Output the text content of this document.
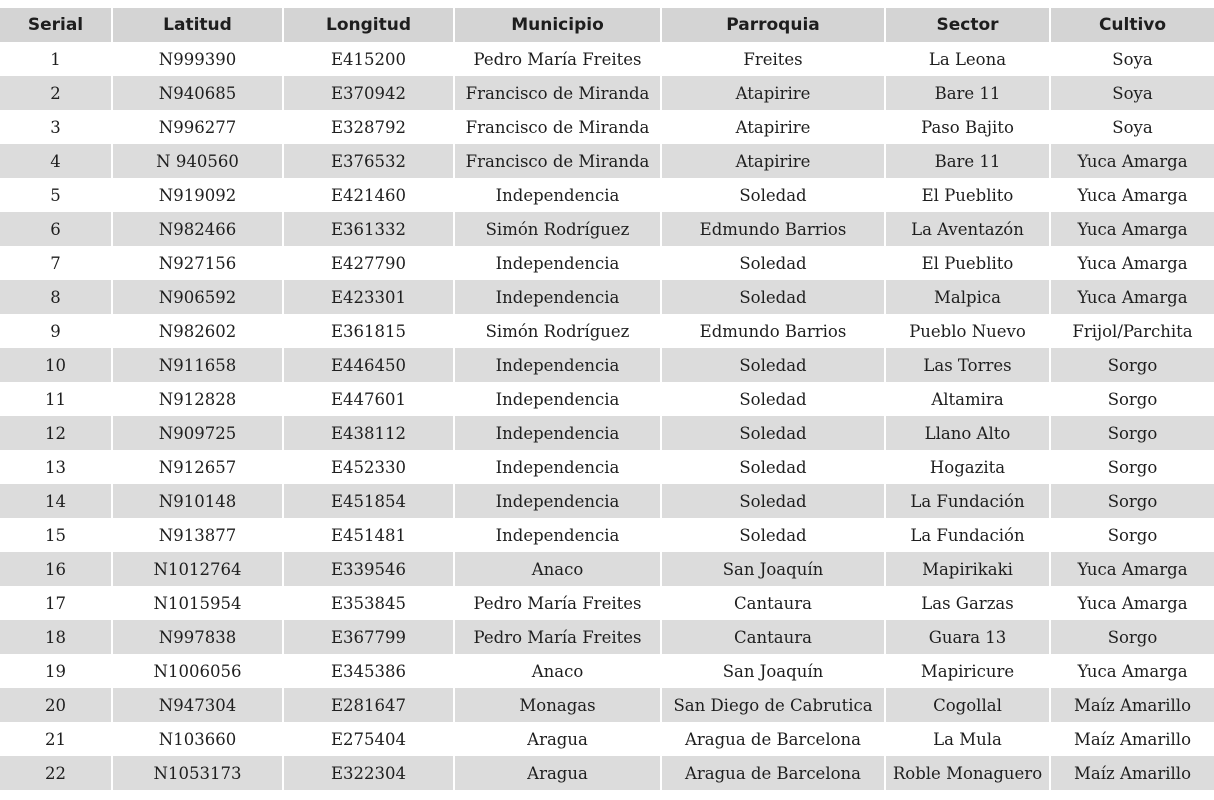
Serial	Latitud	Longitud	Municipio	Parroquia	Sector	Cultivo
1	N999390	E415200	Pedro María Freites	Freites	La Leona	Soya
2	N940685	E370942	Francisco de Miranda	Atapirire	Bare 11	Soya
3	N996277	E328792	Francisco de Miranda	Atapirire	Paso Bajito	Soya
4	N 940560	E376532	Francisco de Miranda	Atapirire	Bare 11	Yuca Amarga
5	N919092	E421460	Independencia	Soledad	El Pueblito	Yuca Amarga
6	N982466	E361332	Simón Rodríguez	Edmundo Barrios	La Aventazón	Yuca Amarga
7	N927156	E427790	Independencia	Soledad	El Pueblito	Yuca Amarga
8	N906592	E423301	Independencia	Soledad	Malpica	Yuca Amarga
9	N982602	E361815	Simón Rodríguez	Edmundo Barrios	Pueblo Nuevo	Frijol/Parchita
10	N911658	E446450	Independencia	Soledad	Las Torres	Sorgo
11	N912828	E447601	Independencia	Soledad	Altamira	Sorgo
12	N909725	E438112	Independencia	Soledad	Llano Alto	Sorgo
13	N912657	E452330	Independencia	Soledad	Hogazita	Sorgo
14	N910148	E451854	Independencia	Soledad	La Fundación	Sorgo
15	N913877	E451481	Independencia	Soledad	La Fundación	Sorgo
16	N1012764	E339546	Anaco	San Joaquín	Mapirikaki	Yuca Amarga
17	N1015954	E353845	Pedro María Freites	Cantaura	Las Garzas	Yuca Amarga
18	N997838	E367799	Pedro María Freites	Cantaura	Guara 13	Sorgo
19	N1006056	E345386	Anaco	San Joaquín	Mapiricure	Yuca Amarga
20	N947304	E281647	Monagas	San Diego de Cabrutica	Cogollal	Maíz Amarillo
21	N103660	E275404	Aragua	Aragua de Barcelona	La Mula	Maíz Amarillo
22	N1053173	E322304	Aragua	Aragua de Barcelona	Roble Monaguero	Maíz Amarillo
